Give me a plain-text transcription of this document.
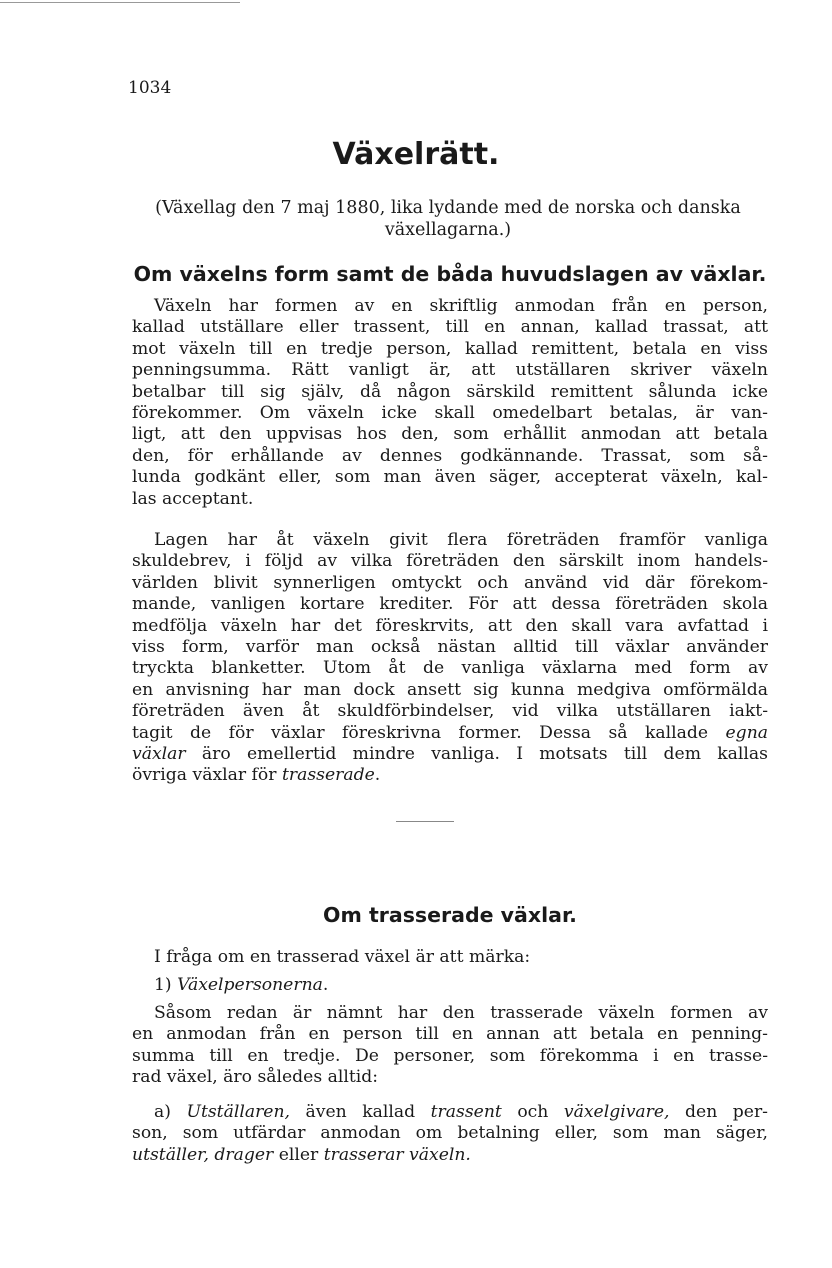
1034
Växelrätt.
(Växellag den 7 maj 1880, lika lydande med de norska och danska
växellagarna.)
Om växelns form samt de båda huvudslagen av växlar.
Växeln har formen av en skriftlig anmodan från en person,
kallad utställare eller trassent, till en annan, kallad trassat, att
mot växeln till en tredje person, kallad remittent, betala en viss
penningsumma. Rätt vanligt är, att utställaren skriver växeln
betalbar till sig själv, då någon särskild remittent sålunda icke
förekommer. Om växeln icke skall omedelbart betalas, är van-
ligt, att den uppvisas hos den, som erhållit anmodan att betala
den, för erhållande av dennes godkännande. Trassat, som så-
lunda godkänt eller, som man även säger, accepterat växeln, kal-
las acceptant.
Lagen har åt växeln givit flera företräden framför vanliga
skuldebrev, i följd av vilka företräden den särskilt inom handels-
världen blivit synnerligen omtyckt och använd vid där förekom-
mande, vanligen kortare krediter. För att dessa företräden skola
medfölja växeln har det föreskrvits, att den skall vara avfattad i
viss form, varför man också nästan alltid till växlar använder
tryckta blanketter. Utom åt de vanliga växlarna med form av
en anvisning har man dock ansett sig kunna medgiva omförmälda
företräden även åt skuldförbindelser, vid vilka utställaren iakt-
tagit de för växlar föreskrivna former. Dessa så kallade egna
växlar äro emellertid mindre vanliga. I motsats till dem kallas
övriga växlar för trasserade.
Om trasserade växlar.
I fråga om en trasserad växel är att märka:
1) Växelpersonerna.
Såsom redan är nämnt har den trasserade växeln formen av
en anmodan från en person till en annan att betala en penning-
summa till en tredje. De personer, som förekomma i en trasse-
rad växel, äro således alltid:
a) Utställaren, även kallad trassent och växelgivare, den per-
son, som utfärdar anmodan om betalning eller, som man säger,
utställer, drager eller trasserar växeln.
